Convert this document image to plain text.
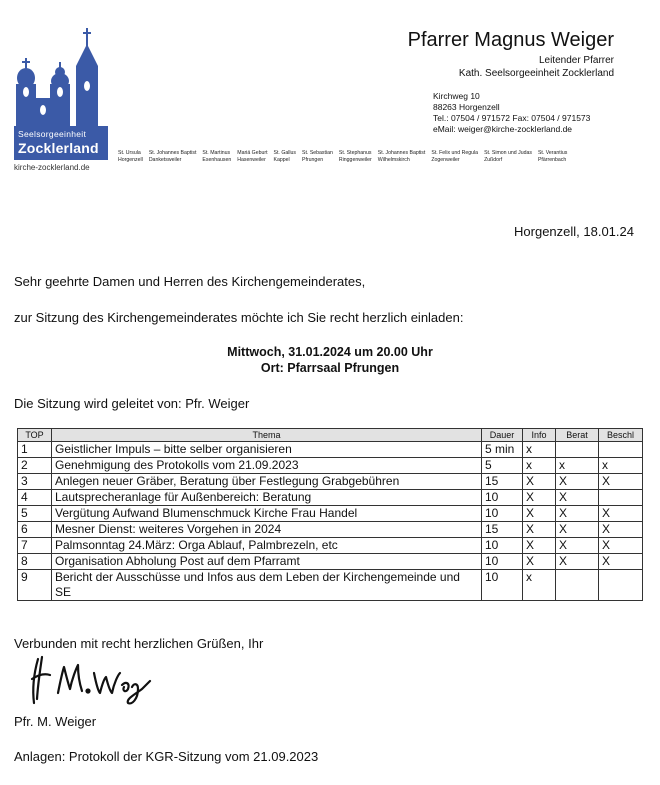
Seelsorgeeinheit
Zocklerland
kirche-zocklerland.de
Pfarrer Magnus Weiger
Leitender Pfarrer
Kath. Seelsorgeeinheit Zocklerland
Kirchweg 10
88263 Horgenzell
Tel.: 07504 / 971572 Fax: 07504 / 971573
eMail: weiger@kirche-zocklerland.de
St. Ursula
Horgenzell
St. Johannes Baptist
Danketsweiler
St. Martinus
Esenhausen
Mariä Geburt
Hasenweiler
St. Gallus
Kappel
St. Sebastian
Pfrungen
St. Stephanus
Ringgenweiler
St. Johannes Baptist
Wilhelmskirch
St. Felix und Regula
Zogenweiler
St. Simon und Judas
Zußdorf
St. Verantius
Pfärrenbach
Horgenzell, 18.01.24
Sehr geehrte Damen und Herren des Kirchengemeinderates,
zur Sitzung des Kirchengemeinderates möchte ich Sie recht herzlich einladen:
Mittwoch, 31.01.2024 um 20.00 Uhr
Ort: Pfarrsaal Pfrungen
Die Sitzung wird geleitet von: Pfr. Weiger
TOP	Thema	Dauer	Info	Berat	Beschl
1	Geistlicher Impuls – bitte selber organisieren	5 min	x		
2	Genehmigung des Protokolls vom 21.09.2023	5	x	x	x
3	Anlegen neuer Gräber, Beratung über Festlegung Grabgebühren	15	X	X	X
4	Lautsprecheranlage für Außenbereich: Beratung	10	X	X	
5	Vergütung Aufwand Blumenschmuck Kirche Frau Handel	10	X	X	X
6	Mesner Dienst: weiteres Vorgehen in 2024	15	X	X	X
7	Palmsonntag 24.März: Orga Ablauf, Palmbrezeln, etc	10	X	X	X
8	Organisation Abholung Post auf dem Pfarramt	10	X	X	X
9	Bericht der Ausschüsse und Infos aus dem Leben der Kirchengemeinde und SE	10	x		
Verbunden mit recht herzlichen Grüßen, Ihr
Pfr. M. Weiger
Anlagen: Protokoll der KGR-Sitzung vom 21.09.2023
